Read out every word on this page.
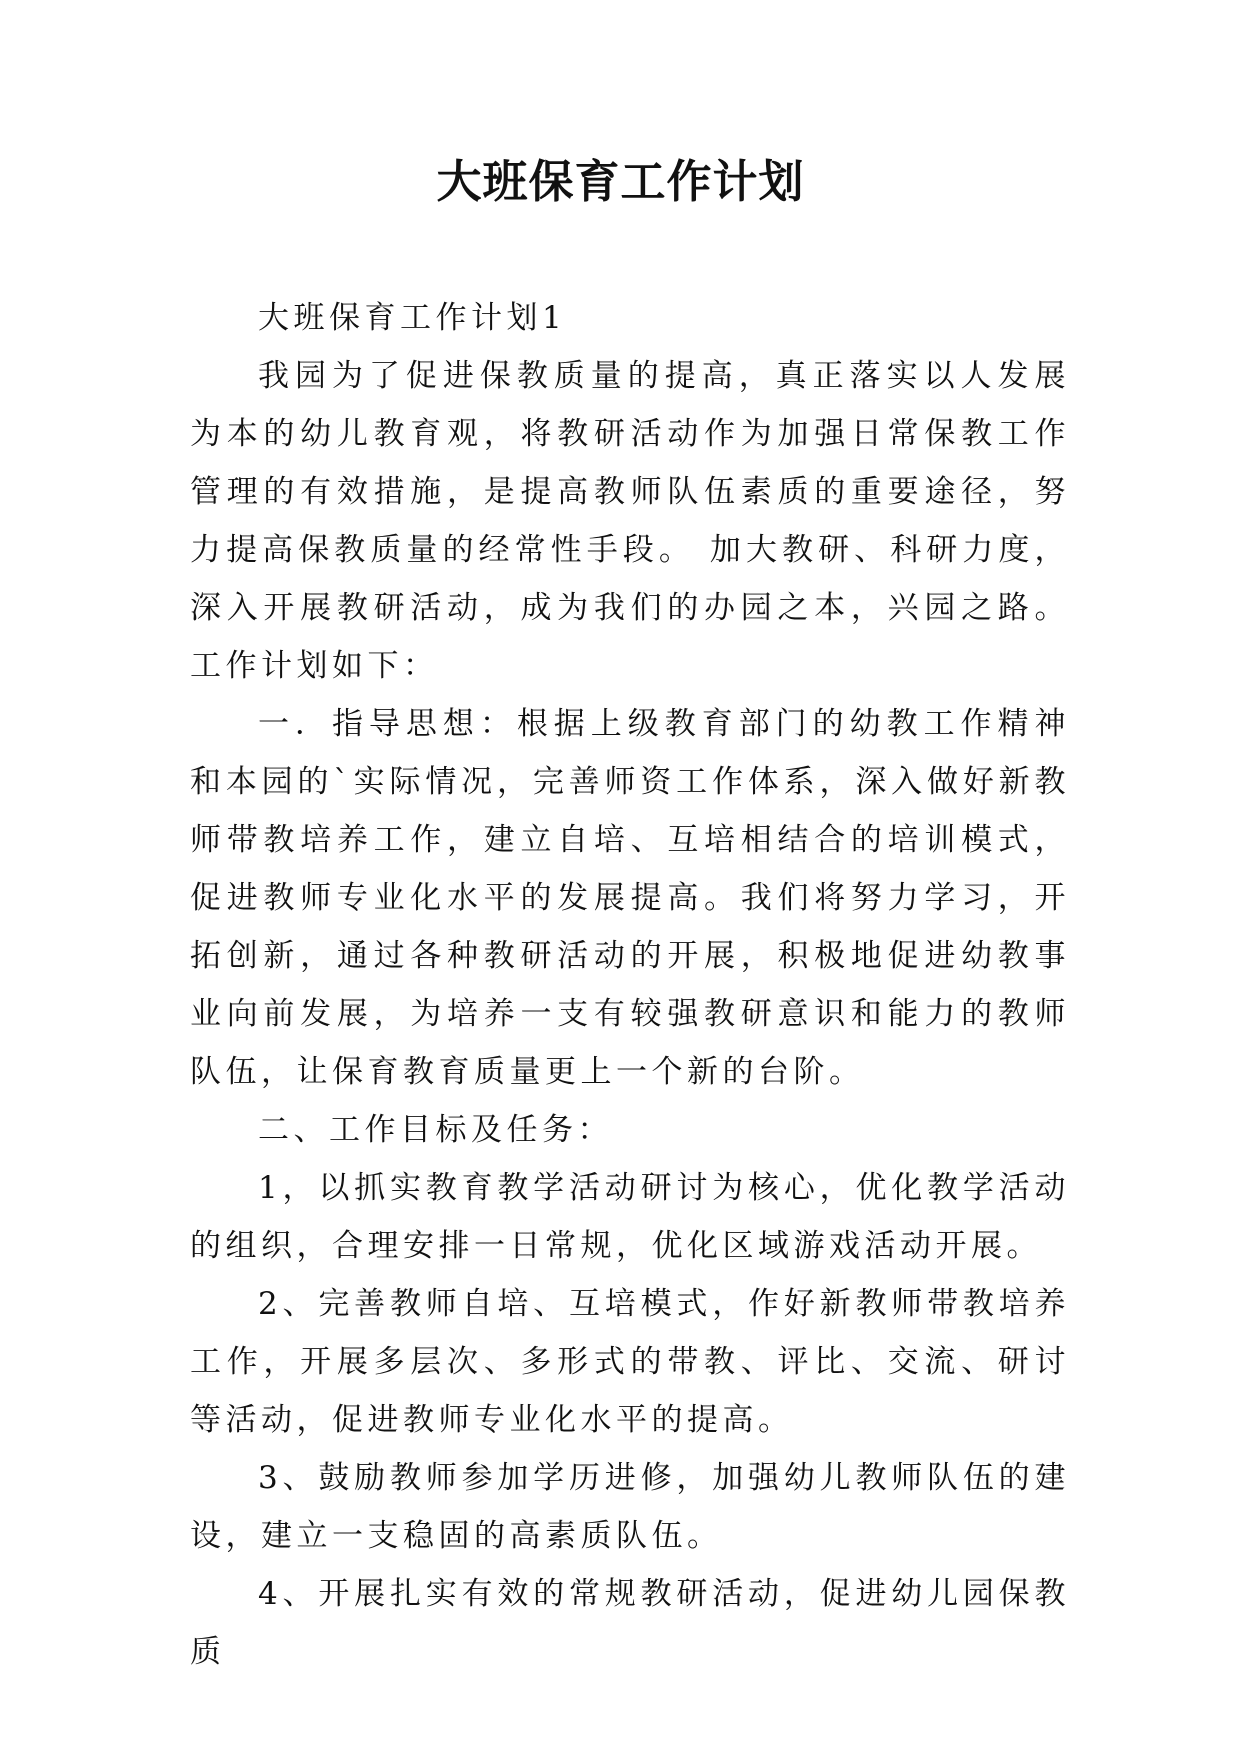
大班保育工作计划

大班保育工作计划1

我园为了促进保教质量的提高，真正落实以人发展为本的幼儿教育观，将教研活动作为加强日常保教工作管理的有效措施，是提高教师队伍素质的重要途径，努力提高保教质量的经常性手段。 加大教研、科研力度，深入开展教研活动，成为我们的办园之本，兴园之路。工作计划如下：

一．指导思想：根据上级教育部门的幼教工作精神和本园的`实际情况，完善师资工作体系，深入做好新教师带教培养工作，建立自培、互培相结合的培训模式，促进教师专业化水平的发展提高。我们将努力学习，开拓创新，通过各种教研活动的开展，积极地促进幼教事业向前发展，为培养一支有较强教研意识和能力的教师队伍，让保育教育质量更上一个新的台阶。

二、工作目标及任务：

1，以抓实教育教学活动研讨为核心，优化教学活动的组织，合理安排一日常规，优化区域游戏活动开展。

2、完善教师自培、互培模式，作好新教师带教培养工作，开展多层次、多形式的带教、评比、交流、研讨等活动，促进教师专业化水平的提高。

3、鼓励教师参加学历进修，加强幼儿教师队伍的建设，建立一支稳固的高素质队伍。

4、开展扎实有效的常规教研活动，促进幼儿园保教质
